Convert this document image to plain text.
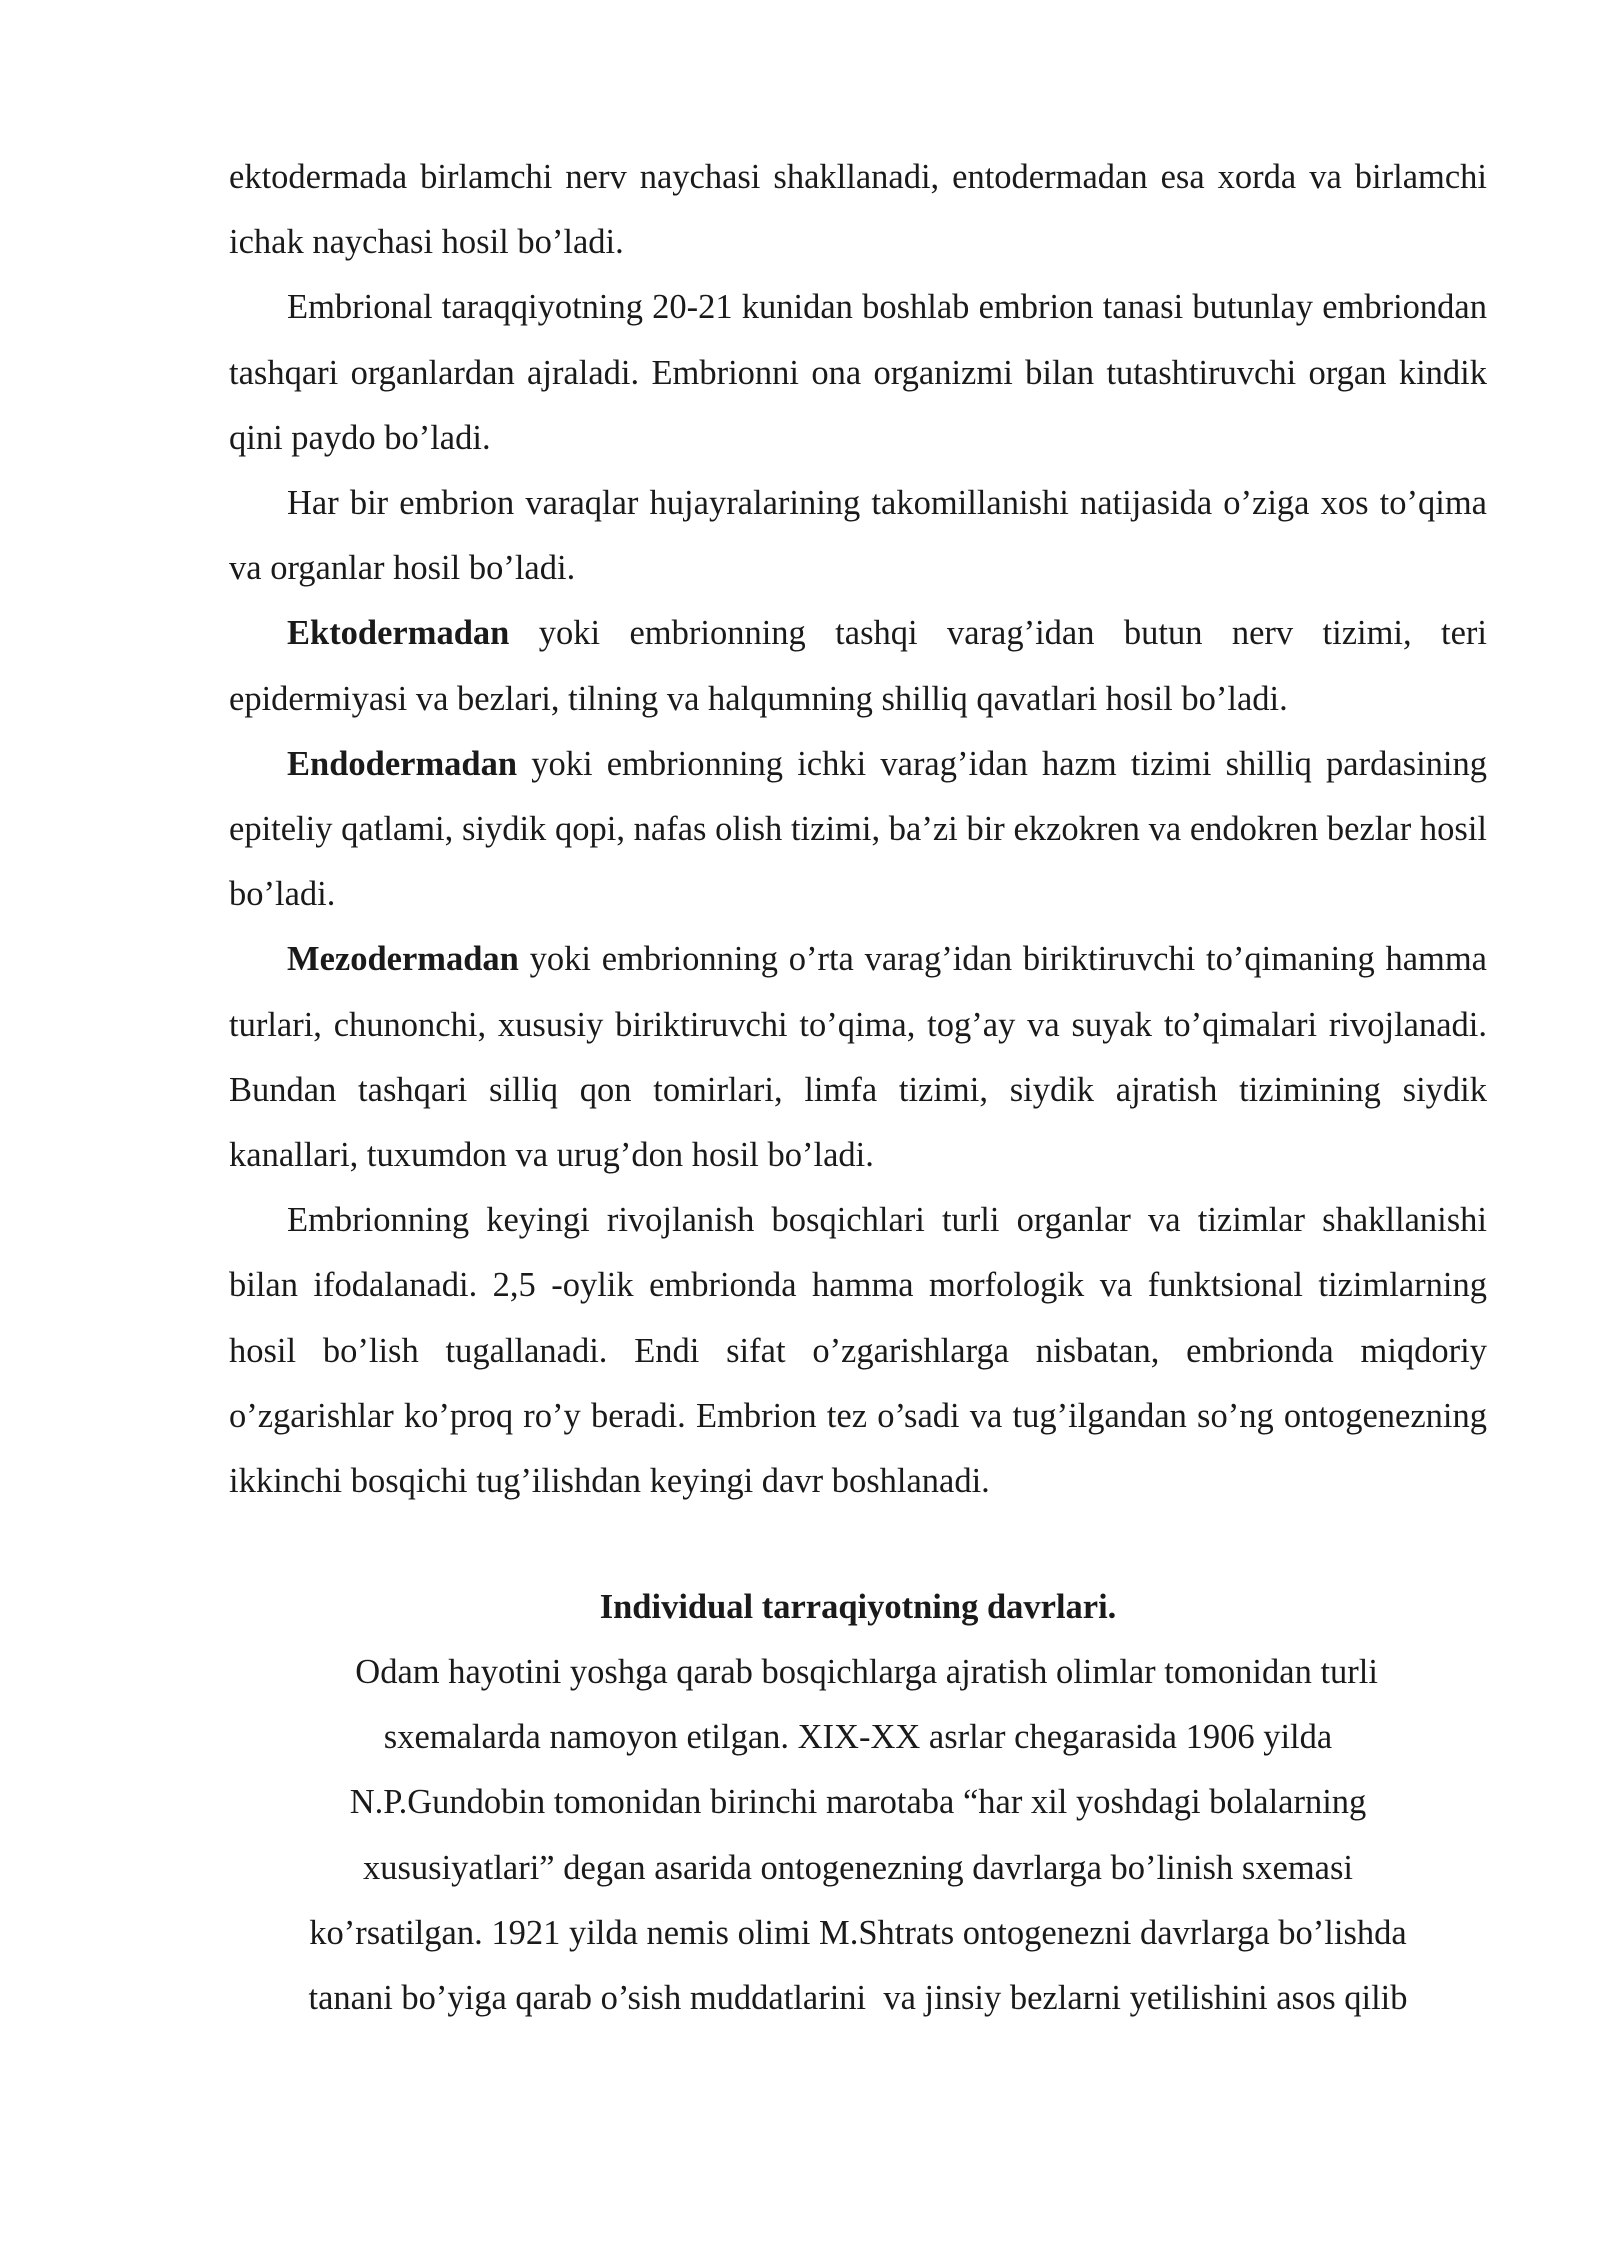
ektodermada birlamchi nerv naychasi shakllanadi, entodermadan esa xorda va birlamchi ichak naychasi hosil bo’ladi.

Embrional taraqqiyotning 20-21 kunidan boshlab embrion tanasi butunlay embriondan tashqari organlardan ajraladi. Embrionni ona organizmi bilan tutashtiruvchi organ kindik qini paydo bo’ladi.

Har bir embrion varaqlar hujayralarining takomillanishi natijasida o’ziga xos to’qima va organlar hosil bo’ladi.

Ektodermadan yoki embrionning tashqi varag’idan butun nerv tizimi, teri epidermiyasi va bezlari, tilning va halqumning shilliq qavatlari hosil bo’ladi.

Endodermadan yoki embrionning ichki varag’idan hazm tizimi shilliq pardasining epiteliy qatlami, siydik qopi, nafas olish tizimi, ba’zi bir ekzokren va endokren bezlar hosil bo’ladi.

Mezodermadan yoki embrionning o’rta varag’idan biriktiruvchi to’qimaning hamma turlari, chunonchi, xususiy biriktiruvchi to’qima, tog’ay va suyak to’qimalari rivojlanadi. Bundan tashqari silliq qon tomirlari, limfa tizimi, siydik ajratish tizimining siydik kanallari, tuxumdon va urug’don hosil bo’ladi.

Embrionning keyingi rivojlanish bosqichlari turli organlar va tizimlar shakllanishi bilan ifodalanadi. 2,5 -oylik embrionda hamma morfologik va funktsional tizimlarning hosil bo’lish tugallanadi. Endi sifat o’zgarishlarga nisbatan, embrionda miqdoriy o’zgarishlar ko’proq ro’y beradi. Embrion tez o’sadi va tug’ilgandan so’ng ontogenezning ikkinchi bosqichi tug’ilishdan keyingi davr boshlanadi.

Individual tarraqiyotning davrlari.
Odam hayotini yoshga qarab bosqichlarga ajratish olimlar tomonidan turli
sxemalarda namoyon etilgan. XIX-XX asrlar chegarasida 1906 yilda
N.P.Gundobin tomonidan birinchi marotaba “har xil yoshdagi bolalarning
xususiyatlari” degan asarida ontogenezning davrlarga bo’linish sxemasi
ko’rsatilgan. 1921 yilda nemis olimi M.Shtrats ontogenezni davrlarga bo’lishda
tanani bo’yiga qarab o’sish muddatlarini  va jinsiy bezlarni yetilishini asos qilib
